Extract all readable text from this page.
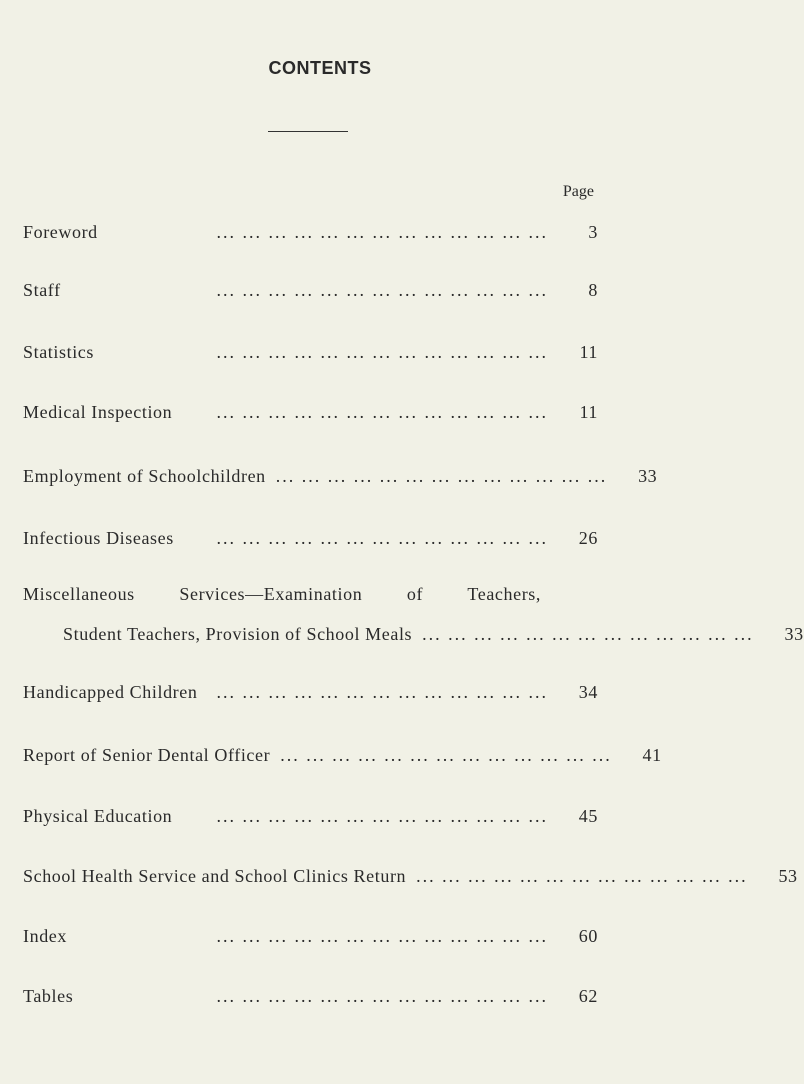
CONTENTS
Page
Foreword	... ... ... ... ... ... ... ... ... ... ... ... ...	3
Staff	... ... ... ... ... ... ... ... ... ... ... ... ...	8
Statistics	... ... ... ... ... ... ... ... ... ... ... ... ...	11
Medical Inspection	... ... ... ... ... ... ... ... ... ... ... ... ...	11
Employment of Schoolchildren ... ... ... ... ... ... ... ... ... ... ... ... ...	33
Infectious Diseases	... ... ... ... ... ... ... ... ... ... ... ... ...	26
Miscellaneous Services—Examination of Teachers,
Student Teachers, Provision of School Meals ... ... ... ... ... ... ... ... ... ... ... ... ...	33
Handicapped Children	... ... ... ... ... ... ... ... ... ... ... ... ...	34
Report of Senior Dental Officer ... ... ... ... ... ... ... ... ... ... ... ... ...	41
Physical Education	... ... ... ... ... ... ... ... ... ... ... ... ...	45
School Health Service and School Clinics Return ... ... ... ... ... ... ... ... ... ... ... ... ...	53
Index	... ... ... ... ... ... ... ... ... ... ... ... ...	60
Tables	... ... ... ... ... ... ... ... ... ... ... ... ...	62
